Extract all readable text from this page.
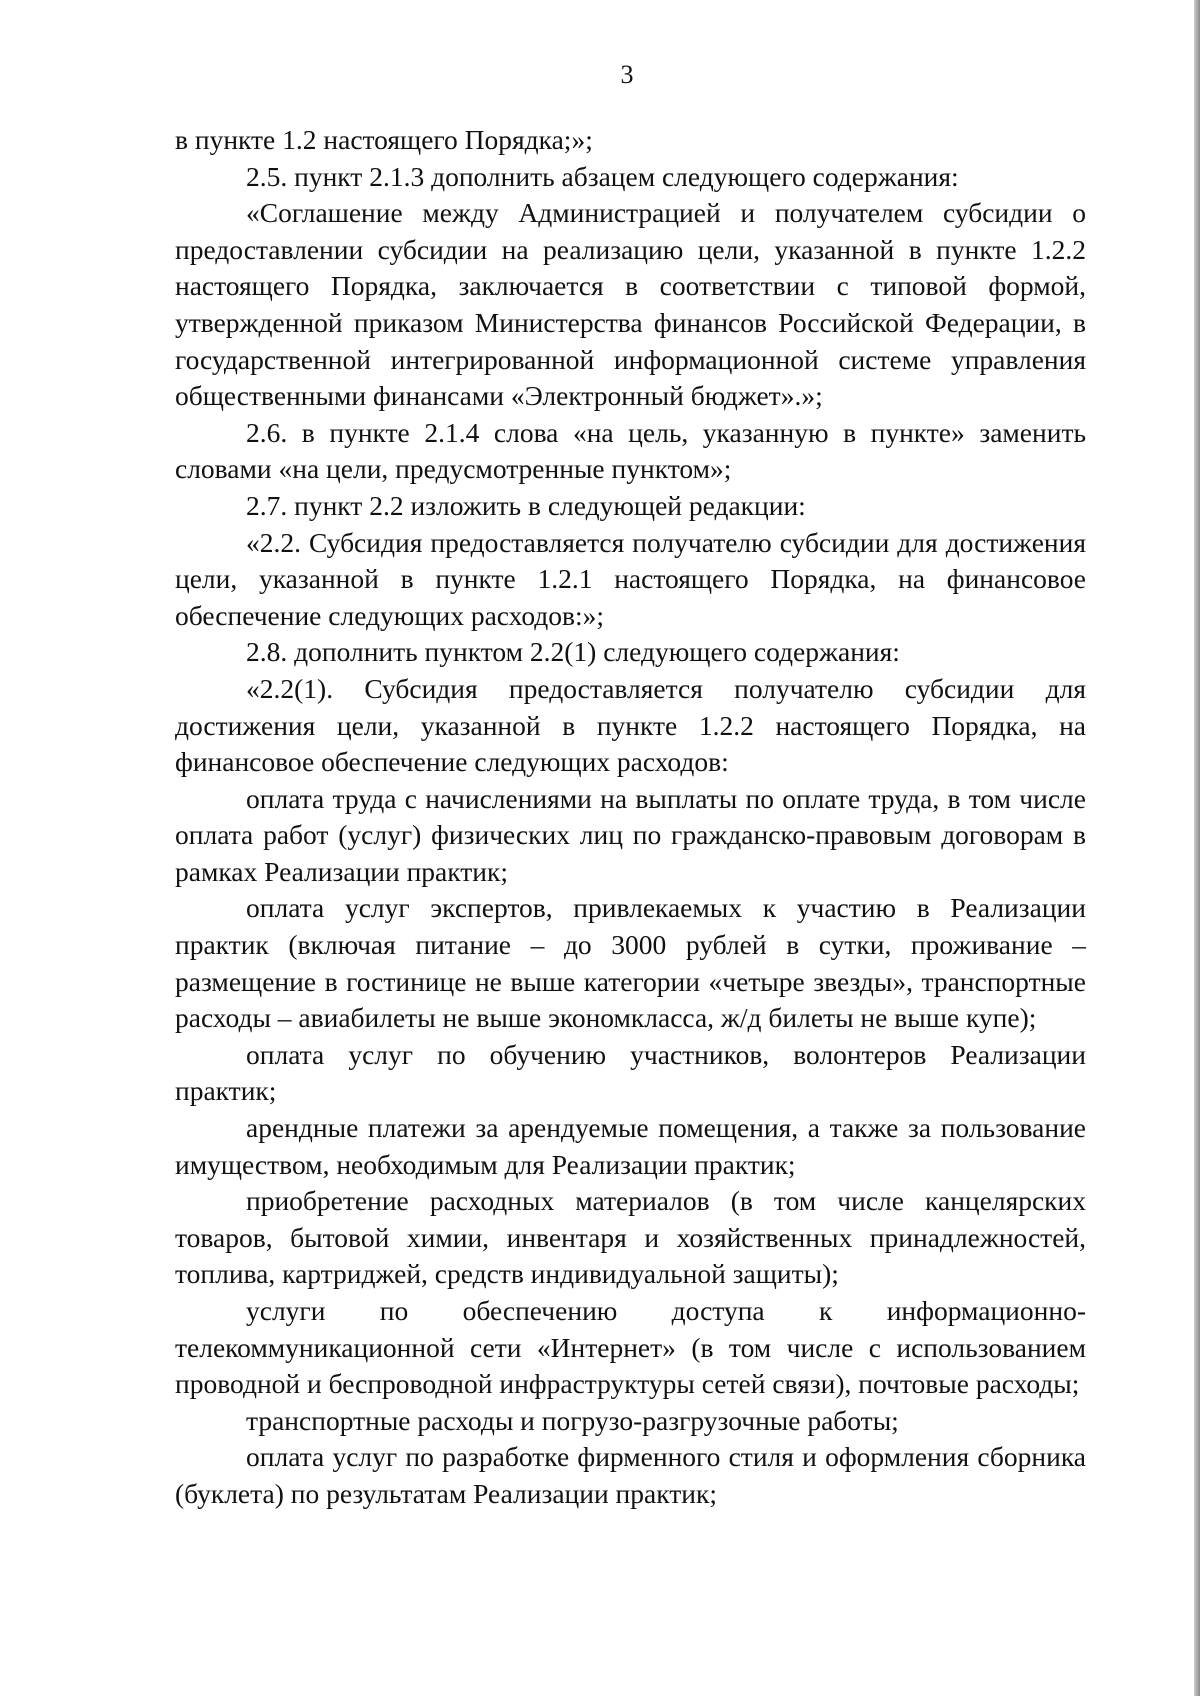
3

в пункте 1.2 настоящего Порядка;»;

2.5. пункт 2.1.3 дополнить абзацем следующего содержания:

«Соглашение между Администрацией и получателем субсидии о предоставлении субсидии на реализацию цели, указанной в пункте 1.2.2 настоящего Порядка, заключается в соответствии с типовой формой, утвержденной приказом Министерства финансов Российской Федерации, в государственной интегрированной информационной системе управления общественными финансами «Электронный бюджет».»;

2.6. в пункте 2.1.4 слова «на цель, указанную в пункте» заменить словами «на цели, предусмотренные пунктом»;

2.7. пункт 2.2 изложить в следующей редакции:

«2.2. Субсидия предоставляется получателю субсидии для достижения цели, указанной в пункте 1.2.1 настоящего Порядка, на финансовое обеспечение следующих расходов:»;

2.8. дополнить пунктом 2.2(1) следующего содержания:

«2.2(1). Субсидия предоставляется получателю субсидии для достижения цели, указанной в пункте 1.2.2 настоящего Порядка, на финансовое обеспечение следующих расходов:

оплата труда с начислениями на выплаты по оплате труда, в том числе оплата работ (услуг) физических лиц по гражданско-правовым договорам в рамках Реализации практик;

оплата услуг экспертов, привлекаемых к участию в Реализации практик (включая питание – до 3000 рублей в сутки, проживание – размещение в гостинице не выше категории «четыре звезды», транспортные расходы – авиабилеты не выше экономкласса, ж/д билеты не выше купе);

оплата услуг по обучению участников, волонтеров Реализации практик;

арендные платежи за арендуемые помещения, а также за пользование имуществом, необходимым для Реализации практик;

приобретение расходных материалов (в том числе канцелярских товаров, бытовой химии, инвентаря и хозяйственных принадлежностей, топлива, картриджей, средств индивидуальной защиты);

услуги по обеспечению доступа к информационно-телекоммуникационной сети «Интернет» (в том числе с использованием проводной и беспроводной инфраструктуры сетей связи), почтовые расходы;

транспортные расходы и погрузо-разгрузочные работы;

оплата услуг по разработке фирменного стиля и оформления сборника (буклета) по результатам Реализации практик;
